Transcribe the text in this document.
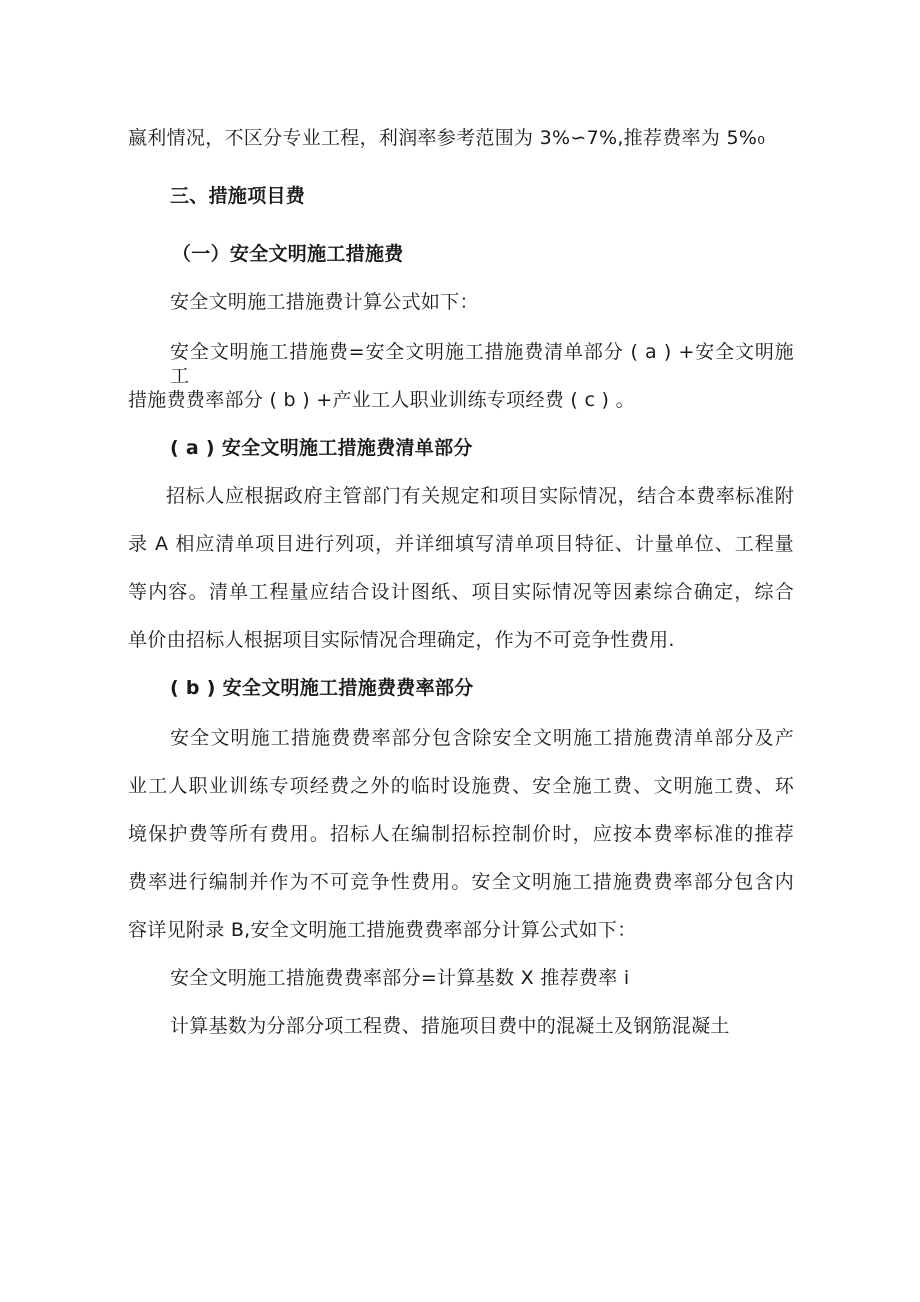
嬴利情况，不区分专业工程，利润率参考范围为 3%∽7%,推荐费率为 5%₀
三、措施项目费
（一）安全文明施工措施费
安全文明施工措施费计算公式如下：
安全文明施工措施费=安全文明施工措施费清单部分 ( a ) +安全文明施工
措施费费率部分 ( b ) +产业工人职业训练专项经费 ( c ) 。
( a ) 安全文明施工措施费清单部分
招标人应根据政府主管部门有关规定和项目实际情况，结合本费率标准附
录 A 相应清单项目进行列项，并详细填写清单项目特征、计量单位、工程量
等内容。清单工程量应结合设计图纸、项目实际情况等因素综合确定，综合
单价由招标人根据项目实际情况合理确定，作为不可竞争性费用.
( b ) 安全文明施工措施费费率部分
安全文明施工措施费费率部分包含除安全文明施工措施费清单部分及产
业工人职业训练专项经费之外的临时设施费、安全施工费、文明施工费、环
境保护费等所有费用。招标人在编制招标控制价时，应按本费率标准的推荐
费率进行编制并作为不可竞争性费用。安全文明施工措施费费率部分包含内
容详见附录 B,安全文明施工措施费费率部分计算公式如下：
安全文明施工措施费费率部分=计算基数 X 推荐费率 i
计算基数为分部分项工程费、措施项目费中的混凝土及钢筋混凝土
